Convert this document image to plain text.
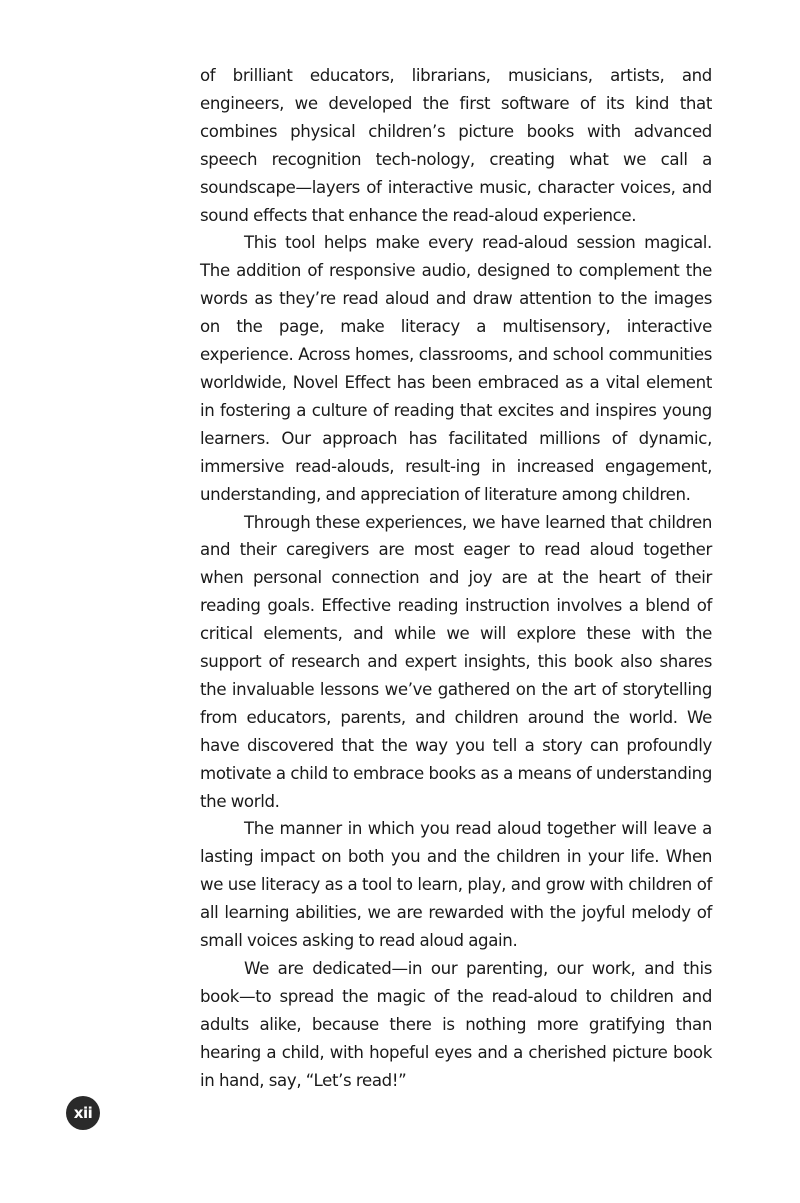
of brilliant educators, librarians, musicians, artists, and engineers, we developed the first software of its kind that combines physical children’s picture books with advanced speech recognition tech-nology, creating what we call a soundscape—layers of interactive music, character voices, and sound effects that enhance the read-aloud experience.

This tool helps make every read-aloud session magical. The addition of responsive audio, designed to complement the words as they’re read aloud and draw attention to the images on the page, make literacy a multisensory, interactive experience. Across homes, classrooms, and school communities worldwide, Novel Effect has been embraced as a vital element in fostering a culture of reading that excites and inspires young learners. Our approach has facilitated millions of dynamic, immersive read-alouds, result-ing in increased engagement, understanding, and appreciation of literature among children.

Through these experiences, we have learned that children and their caregivers are most eager to read aloud together when personal connection and joy are at the heart of their reading goals. Effective reading instruction involves a blend of critical elements, and while we will explore these with the support of research and expert insights, this book also shares the invaluable lessons we’ve gathered on the art of storytelling from educators, parents, and children around the world. We have discovered that the way you tell a story can profoundly motivate a child to embrace books as a means of understanding the world.

The manner in which you read aloud together will leave a lasting impact on both you and the children in your life. When we use literacy as a tool to learn, play, and grow with children of all learning abilities, we are rewarded with the joyful melody of small voices asking to read aloud again.

We are dedicated—in our parenting, our work, and this book—to spread the magic of the read-aloud to children and adults alike, because there is nothing more gratifying than hearing a child, with hopeful eyes and a cherished picture book in hand, say, “Let’s read!”

xii
